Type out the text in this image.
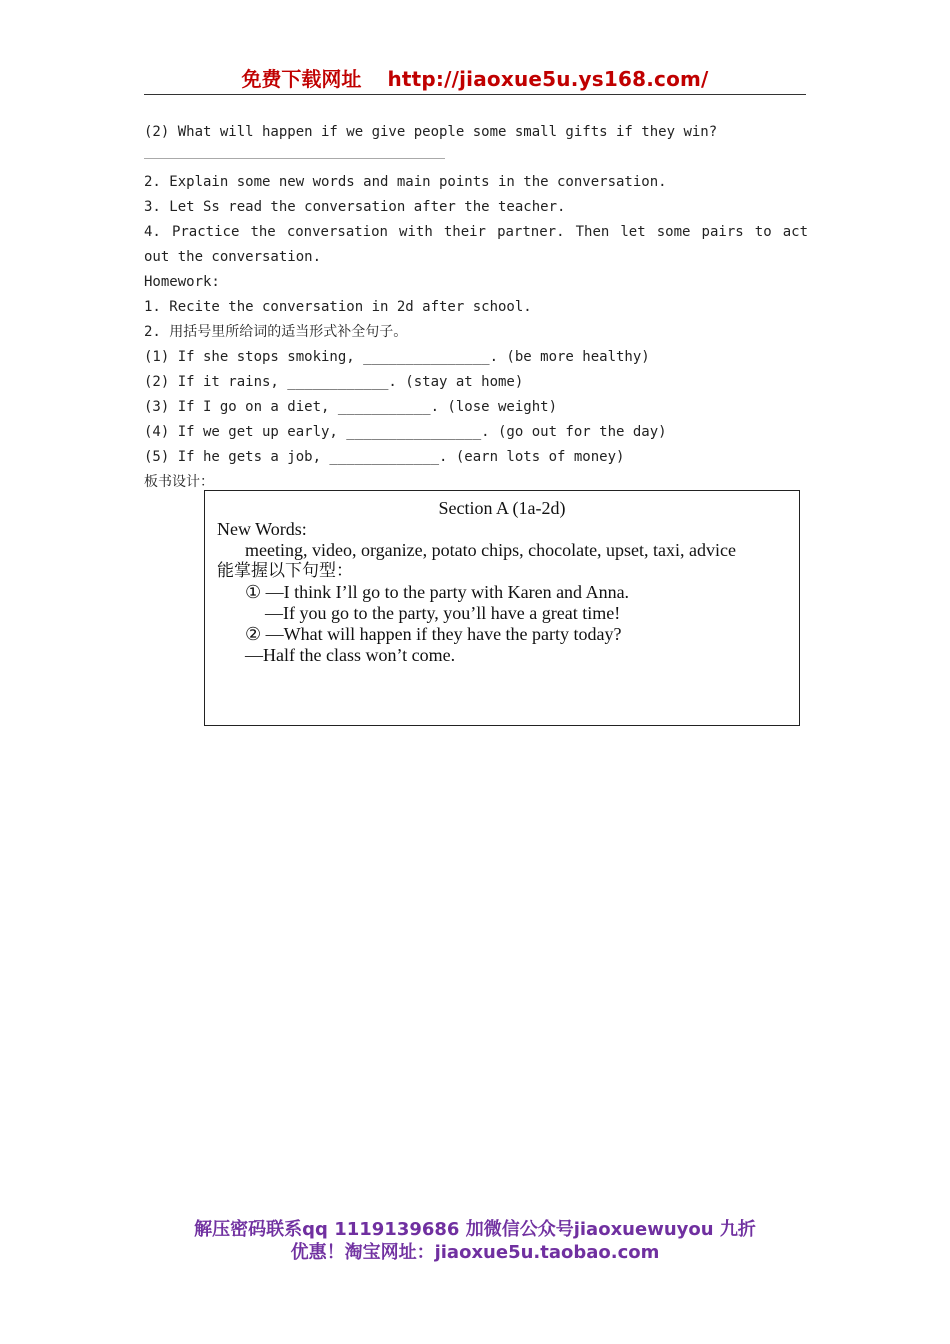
免费下载网址 http://jiaoxue5u.ys168.com/
(2) What will happen if we give people some small gifts if they win?
2. Explain some new words and main points in the conversation.
3. Let Ss read the conversation after the teacher.
4. Practice the conversation with their partner. Then let some pairs to act out the conversation.
Homework:
1. Recite the conversation in 2d after school.
2. 用括号里所给词的适当形式补全句子。
(1) If she stops smoking, _______________. (be more healthy)
(2) If it rains, ____________. (stay at home)
(3) If I go on a diet, ___________. (lose weight)
(4) If we get up early, ________________. (go out for the day)
(5) If he gets a job, _____________. (earn lots of money)
板书设计：
Section A (1a-2d)
New Words:
meeting, video, organize, potato chips, chocolate, upset, taxi, advice
能掌握以下句型：
① —I think I’ll go to the party with Karen and Anna.
—If you go to the party, you’ll have a great time!
② —What will happen if they have the party today?
—Half the class won’t come.
解压密码联系qq 1119139686 加微信公众号jiaoxuewuyou 九折
优惠！淘宝网址：jiaoxue5u.taobao.com
